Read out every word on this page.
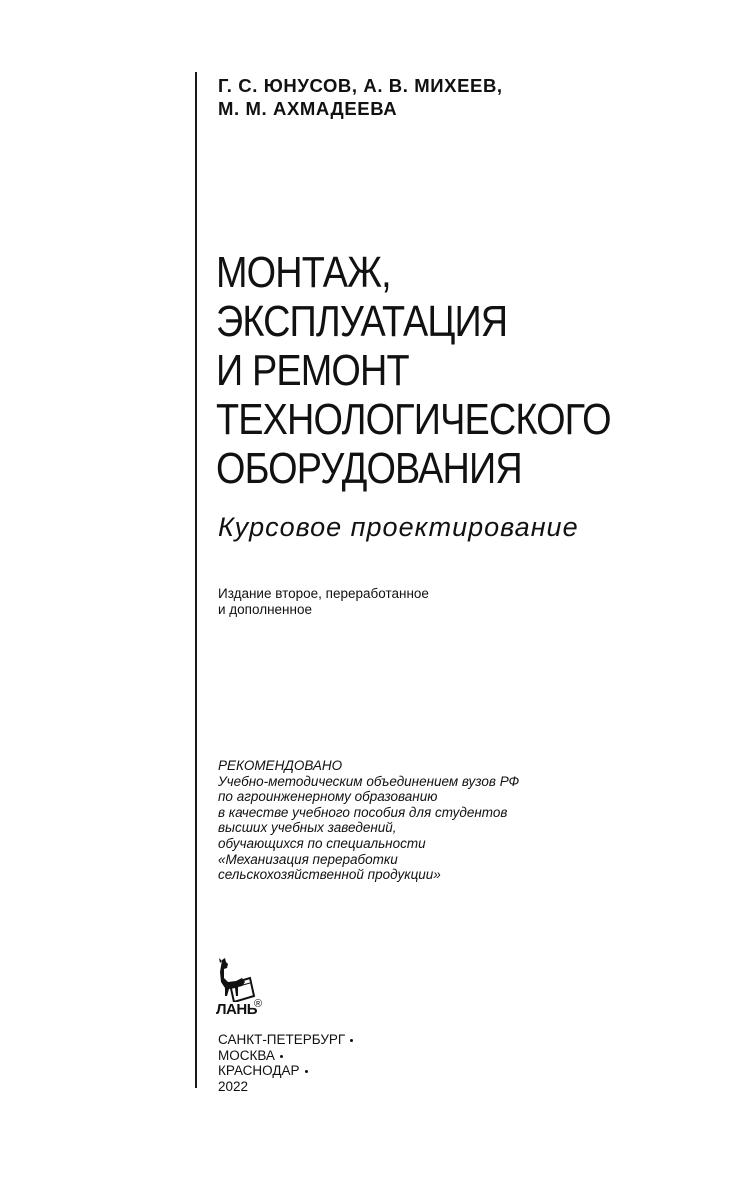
Г. С. ЮНУСОВ, А. В. МИХЕЕВ,
М. М. АХМАДЕЕВА
МОНТАЖ,
ЭКСПЛУАТАЦИЯ
И РЕМОНТ
ТЕХНОЛОГИЧЕСКОГО
ОБОРУДОВАНИЯ
Курсовое проектирование
Издание второе, переработанное
и дополненное
РЕКОМЕНДОВАНО
Учебно-методическим объединением вузов РФ
по агроинженерному образованию
в качестве учебного пособия для студентов
высших учебных заведений,
обучающихся по специальности
«Механизация переработки
сельскохозяйственной продукции»
ЛАНЬ
®
САНКТ-ПЕТЕРБУРГ
МОСКВА
КРАСНОДАР
2022
